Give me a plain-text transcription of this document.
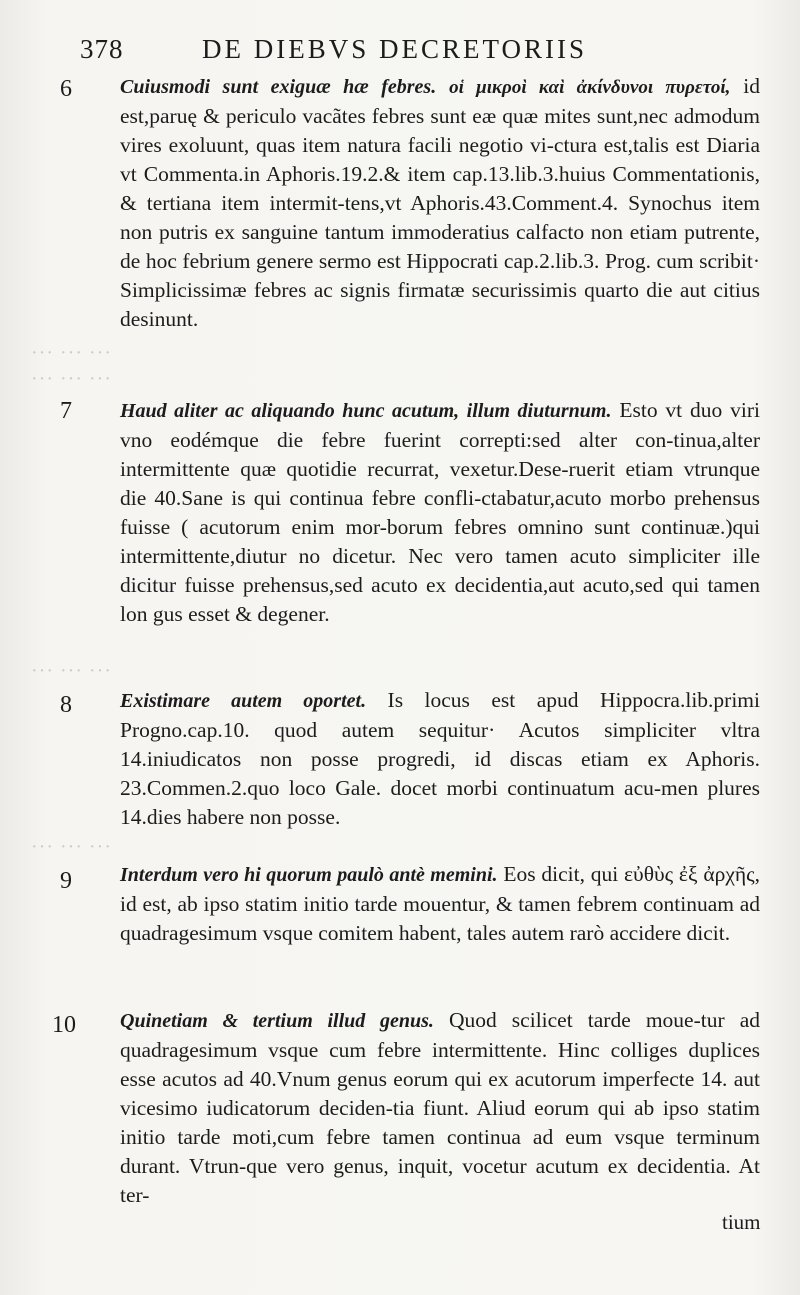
378	DE DIEBVS DECRETORIIS
6 Cuiusmodi sunt exiguæ hæ febres. οἱ μικροὶ καὶ ἀκίνδυνοι πυρετοί, id est,paruę & periculo vacãtes febres sunt eæ quæ mites sunt,nec admodum vires exoluunt, quas item natura facili negotio vi-ctura est,talis est Diaria vt Commenta.in Aphoris.19.2.& item cap.13.lib.3.huius Commentationis, & tertiana item intermit-tens,vt Aphoris.43.Comment.4. Synochus item non putris ex sanguine tantum immoderatius calfacto non etiam putrente, de hoc febrium genere sermo est Hippocrati cap.2.lib.3. Prog. cum scribit· Simplicissimæ febres ac signis firmatæ securissimis quarto die aut citius desinunt.
··· ··· ···
··· ··· ···
7 Haud aliter ac aliquando hunc acutum, illum diuturnum. Esto vt duo viri vno eodémque die febre fuerint correpti:sed alter con-tinua,alter intermittente quæ quotidie recurrat, vexetur.Dese-ruerit etiam vtrunque die 40.Sane is qui continua febre confli-ctabatur,acuto morbo prehensus fuisse ( acutorum enim mor-borum febres omnino sunt continuæ.)qui intermittente,diutur no dicetur. Nec vero tamen acuto simpliciter ille dicitur fuisse prehensus,sed acuto ex decidentia,aut acuto,sed qui tamen lon gus esset & degener.
··· ··· ···
8 Existimare autem oportet. Is locus est apud Hippocra.lib.primi Progno.cap.10. quod autem sequitur· Acutos simpliciter vltra 14.iniudicatos non posse progredi, id discas etiam ex Aphoris. 23.Commen.2.quo loco Gale. docet morbi continuatum acu-men plures 14.dies habere non posse.
··· ··· ···
9 Interdum vero hi quorum paulò antè memini. Eos dicit, qui εὐθὺς ἐξ ἀρχῆς, id est, ab ipso statim initio tarde mouentur, & tamen febrem continuam ad quadragesimum vsque comitem habent, tales autem rarò accidere dicit.
10 Quinetiam & tertium illud genus. Quod scilicet tarde moue-tur ad quadragesimum vsque cum febre intermittente. Hinc colliges duplices esse acutos ad 40.Vnum genus eorum qui ex acutorum imperfecte 14. aut vicesimo iudicatorum deciden-tia fiunt. Aliud eorum qui ab ipso statim initio tarde moti,cum febre tamen continua ad eum vsque terminum durant. Vtrun-que vero genus, inquit, vocetur acutum ex decidentia. At ter-
tium
